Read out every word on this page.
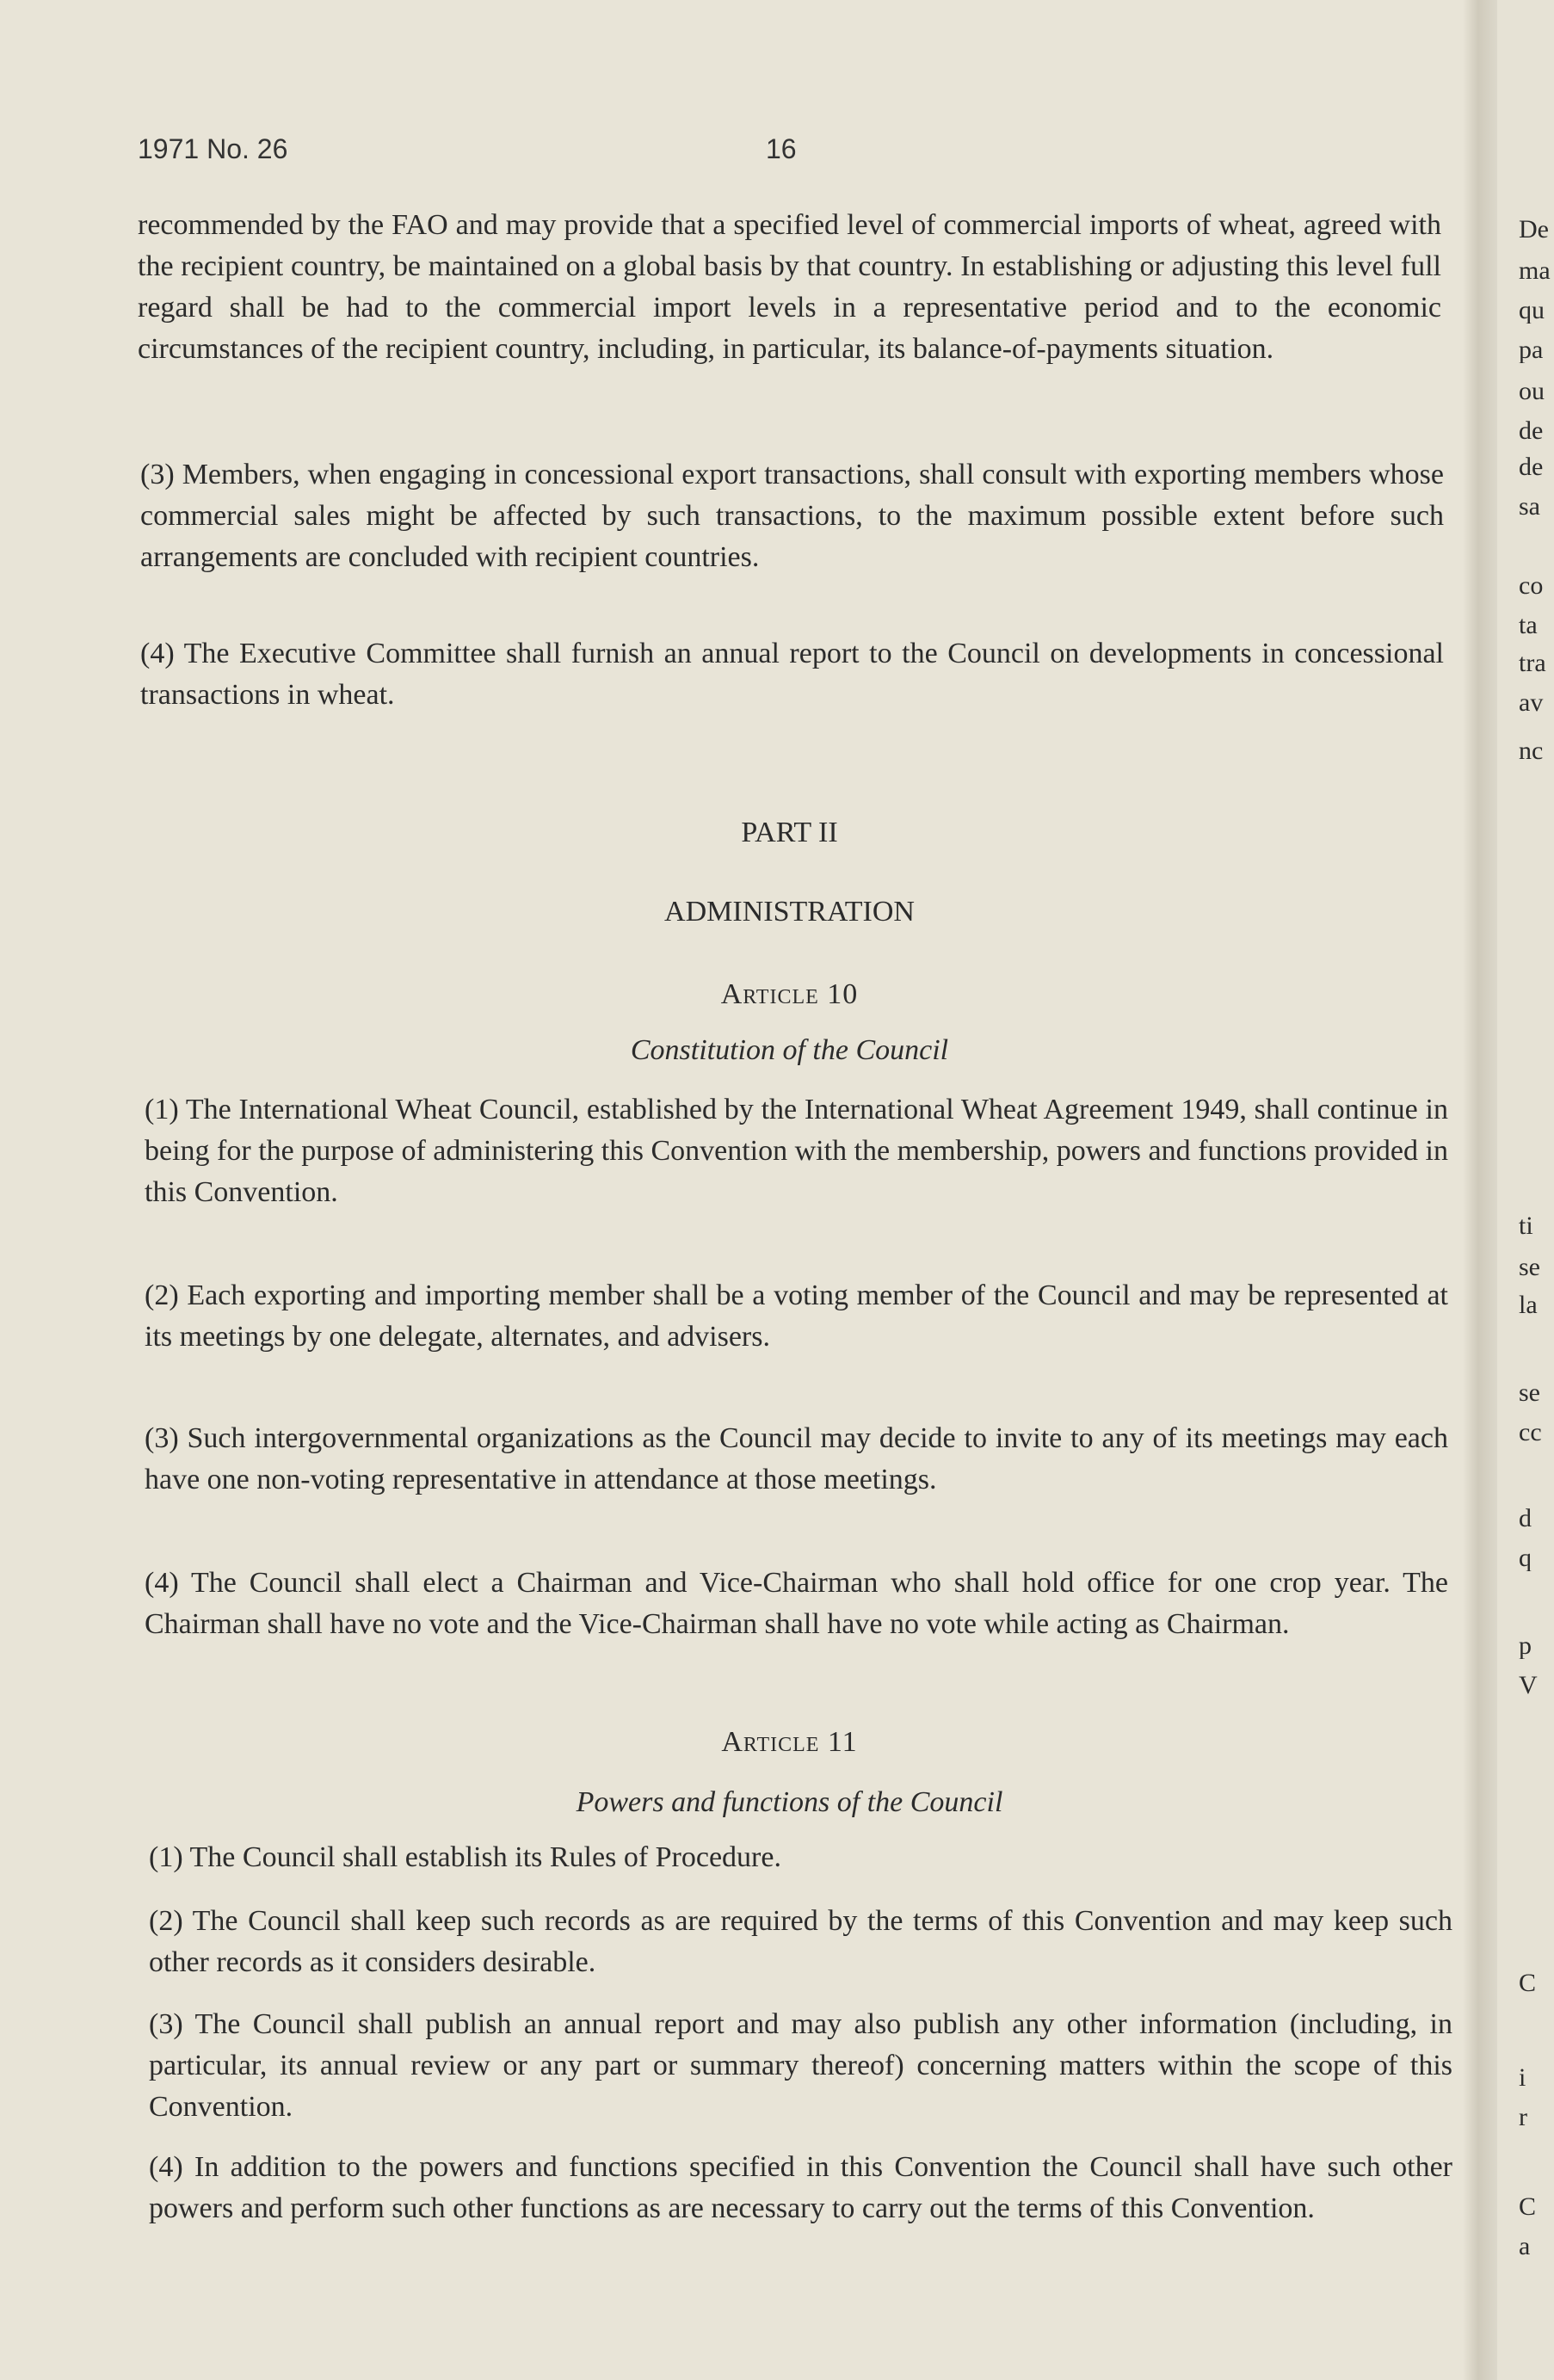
1971 No. 26	16

recommended by the FAO and may provide that a specified level of commercial imports of wheat, agreed with the recipient country, be maintained on a global basis by that country. In establishing or adjusting this level full regard shall be had to the commercial import levels in a representative period and to the economic circumstances of the recipient country, including, in particular, its balance-of-payments situation.

(3) Members, when engaging in concessional export transactions, shall consult with exporting members whose commercial sales might be affected by such transactions, to the maximum possible extent before such arrangements are concluded with recipient countries.

(4) The Executive Committee shall furnish an annual report to the Council on developments in concessional transactions in wheat.

PART II

ADMINISTRATION

Article 10

Constitution of the Council

(1) The International Wheat Council, established by the International Wheat Agreement 1949, shall continue in being for the purpose of administering this Convention with the membership, powers and functions provided in this Convention.

(2) Each exporting and importing member shall be a voting member of the Council and may be represented at its meetings by one delegate, alternates, and advisers.

(3) Such intergovernmental organizations as the Council may decide to invite to any of its meetings may each have one non-voting representative in attendance at those meetings.

(4) The Council shall elect a Chairman and Vice-Chairman who shall hold office for one crop year. The Chairman shall have no vote and the Vice-Chairman shall have no vote while acting as Chairman.

Article 11

Powers and functions of the Council

(1) The Council shall establish its Rules of Procedure.

(2) The Council shall keep such records as are required by the terms of this Convention and may keep such other records as it considers desirable.

(3) The Council shall publish an annual report and may also publish any other information (including, in particular, its annual review or any part or summary thereof) concerning matters within the scope of this Convention.

(4) In addition to the powers and functions specified in this Convention the Council shall have such other powers and perform such other functions as are necessary to carry out the terms of this Convention.

De
ma
qu
pa
ou
de
de
sa
co
ta
tra
av
nc
ti
se
la
se
cc
d
q
p
V
C
i
r
C
a
